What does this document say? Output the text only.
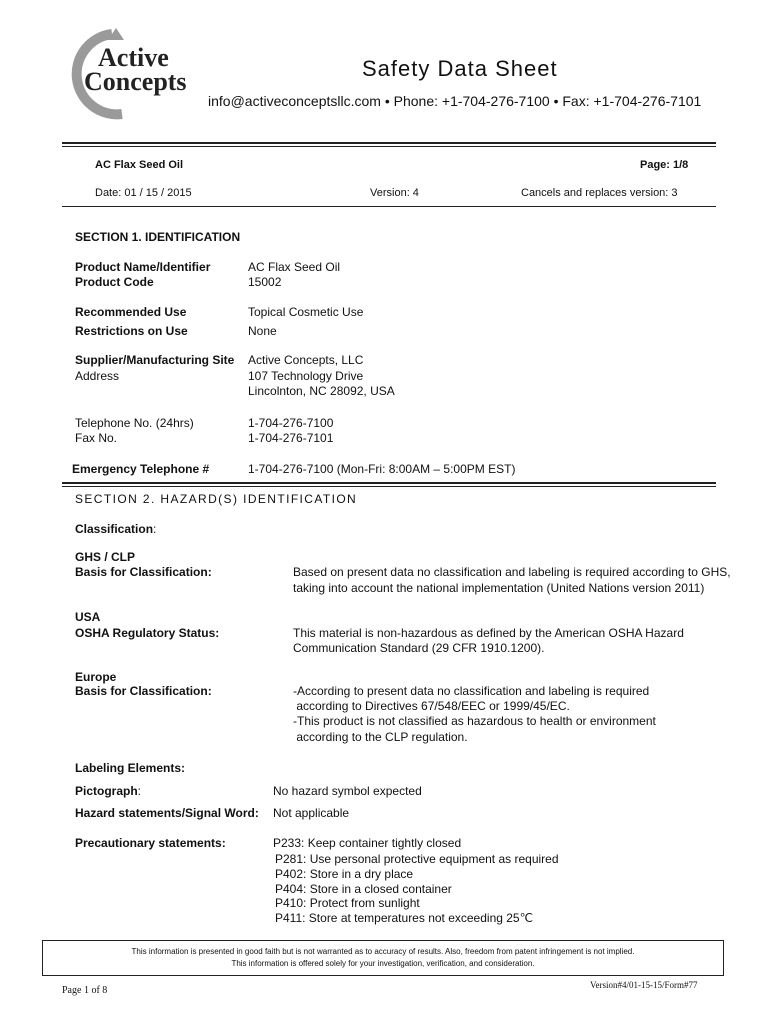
Active
Concepts	Safety Data Sheet
info@activeconceptsllc.com • Phone: +1-704-276-7100 • Fax: +1-704-276-7101
AC Flax Seed Oil	Page: 1/8
Date: 01 / 15 / 2015	Version: 4	Cancels and replaces version: 3
SECTION 1. IDENTIFICATION
Product Name/Identifier	AC Flax Seed Oil
Product Code	15002
Recommended Use	Topical Cosmetic Use
Restrictions on Use	None
Supplier/Manufacturing Site Active Concepts, LLC
Address	107 Technology Drive
Lincolnton, NC 28092, USA
Telephone No. (24hrs)	1-704-276-7100
Fax No.	1-704-276-7101
Emergency Telephone #	1-704-276-7100 (Mon-Fri: 8:00AM – 5:00PM EST)
SECTION 2. HAZARD(S) IDENTIFICATION
Classification:
GHS / CLP
Basis for Classification:	Based on present data no classification and labeling is required according to GHS,
taking into account the national implementation (United Nations version 2011)
USA
OSHA Regulatory Status:	This material is non-hazardous as defined by the American OSHA Hazard
Communication Standard (29 CFR 1910.1200).
Europe
Basis for Classification:	-According to present data no classification and labeling is required
according to Directives 67/548/EEC or 1999/45/EC.
-This product is not classified as hazardous to health or environment
according to the CLP regulation.
Labeling Elements:
Pictograph:	No hazard symbol expected
Hazard statements/Signal Word: Not applicable
Precautionary statements:	P233: Keep container tightly closed
P281: Use personal protective equipment as required
P402: Store in a dry place
P404: Store in a closed container
P410: Protect from sunlight
P411: Store at temperatures not exceeding 25℃

This information is presented in good faith but is not warranted as to accuracy of results. Also, freedom from patent infringement is not implied.

This information is offered solely for your investigation, verification, and consideration.

Page 1 of 8	Version#4/01-15-15/Form#77
